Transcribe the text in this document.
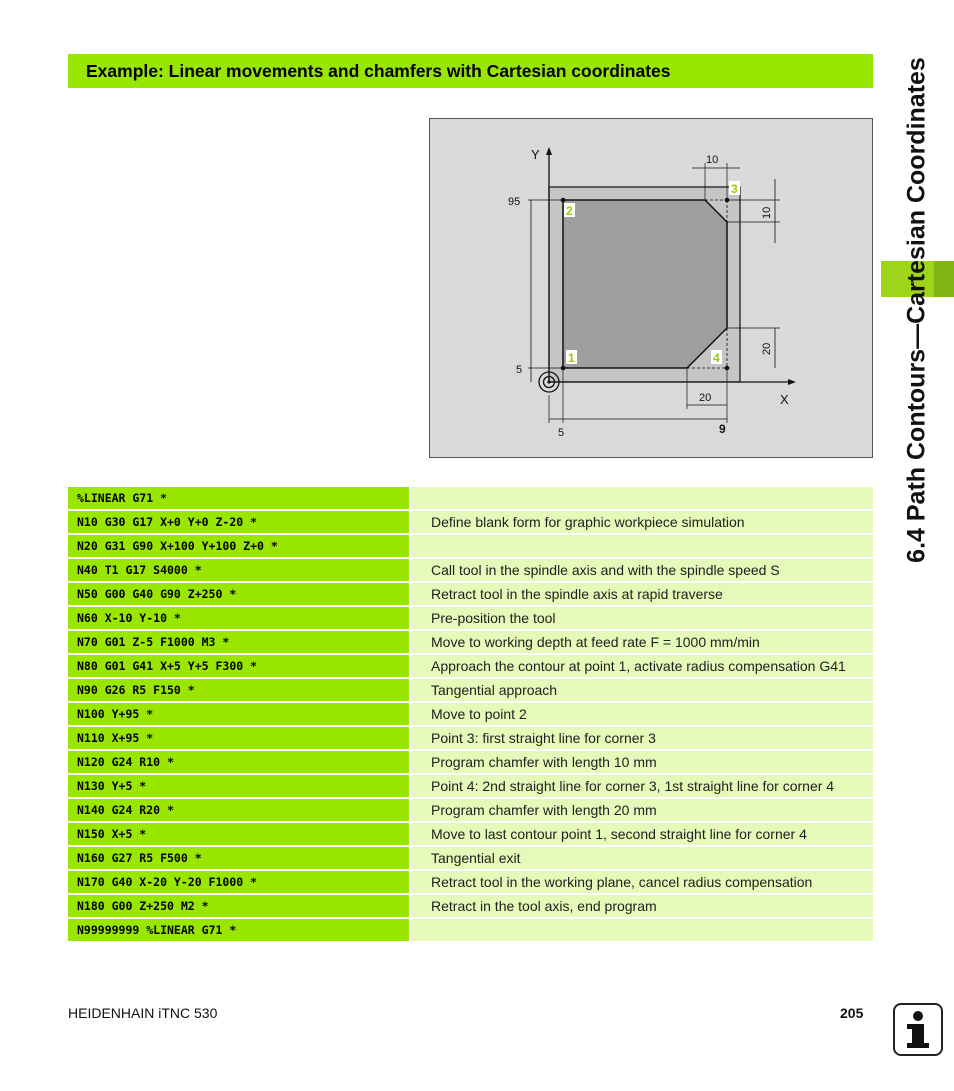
Example: Linear movements and chamfers with Cartesian coordinates	6.4 Path Contours—Cartesian Coordinates
Y
X
95
5
5	9
20
10
10
20
1
2
3
4
%LINEAR G71 *		
N10 G30 G17 X+0 Y+0 Z-20 *		Define blank form for graphic workpiece simulation
N20 G31 G90 X+100 Y+100 Z+0 *		
N40 T1 G17 S4000 *		Call tool in the spindle axis and with the spindle speed S
N50 G00 G40 G90 Z+250 *		Retract tool in the spindle axis at rapid traverse
N60 X-10 Y-10 *		Pre-position the tool
N70 G01 Z-5 F1000 M3 *		Move to working depth at feed rate F = 1000 mm/min
N80 G01 G41 X+5 Y+5 F300 *		Approach the contour at point 1, activate radius compensation G41
N90 G26 R5 F150 *		Tangential approach
N100 Y+95 *		Move to point 2
N110 X+95 *		Point 3: first straight line for corner 3
N120 G24 R10 *		Program chamfer with length 10 mm
N130 Y+5 *		Point 4: 2nd straight line for corner 3, 1st straight line for corner 4
N140 G24 R20 *		Program chamfer with length 20 mm
N150 X+5 *		Move to last contour point 1, second straight line for corner 4
N160 G27 R5 F500 *		Tangential exit
N170 G40 X-20 Y-20 F1000 *		Retract tool in the working plane, cancel radius compensation
N180 G00 Z+250 M2 *		Retract in the tool axis, end program
N99999999 %LINEAR G71 *		
HEIDENHAIN iTNC 530	205
